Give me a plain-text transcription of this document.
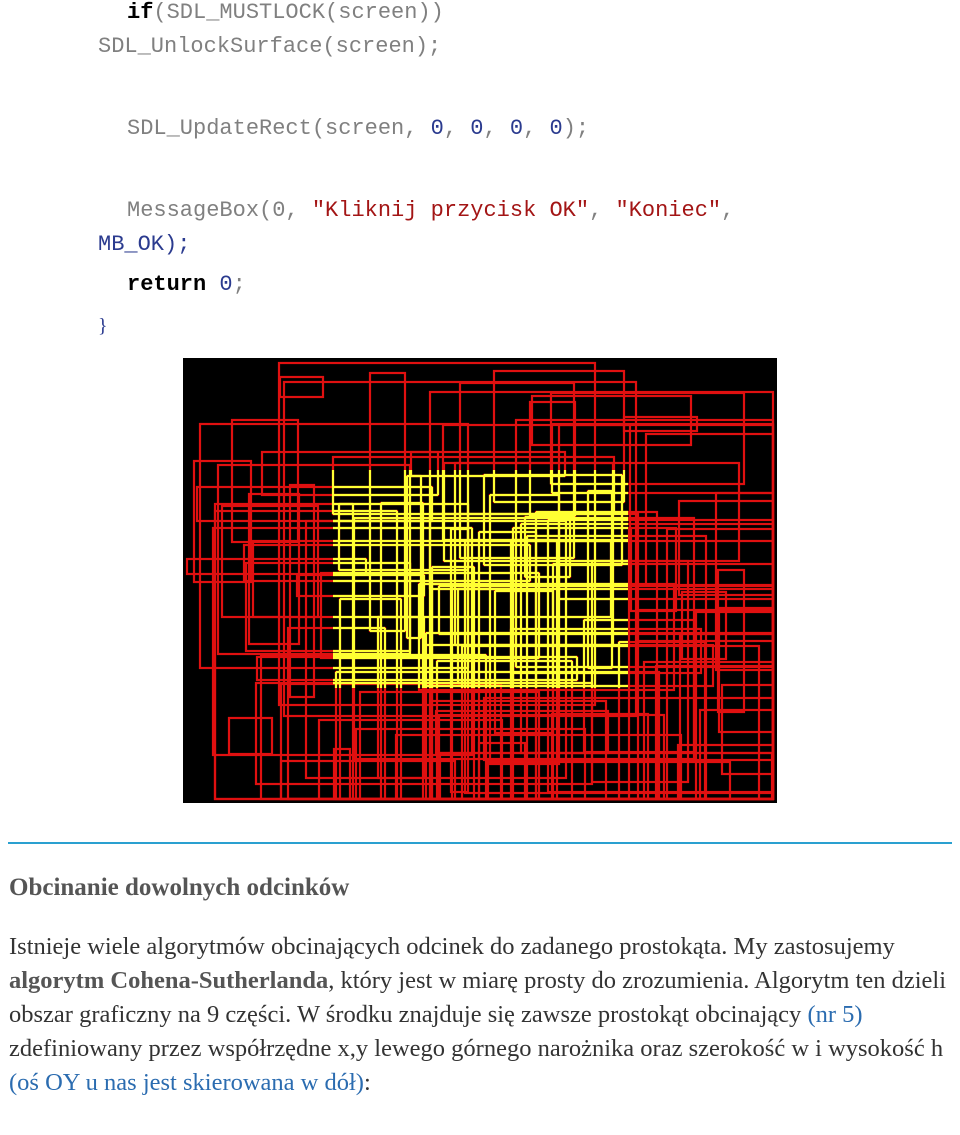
if(SDL_MUSTLOCK(screen))
SDL_UnlockSurface(screen);
SDL_UpdateRect(screen, 0, 0, 0, 0);
MessageBox(0, "Kliknij przycisk OK", "Koniec",
MB_OK);
return 0;
}
Obcinanie dowolnych odcinków
Istnieje wiele algorytmów obcinających odcinek do zadanego prostokąta. My zastosujemy algorytm Cohena-Sutherlanda, który jest w miarę prosty do zrozumienia. Algorytm ten dzieli obszar graficzny na 9 części. W środku znajduje się zawsze prostokąt obcinający (nr 5) zdefiniowany przez współrzędne x,y lewego górnego narożnika oraz szerokość w i wysokość h (oś OY u nas jest skierowana w dół):
